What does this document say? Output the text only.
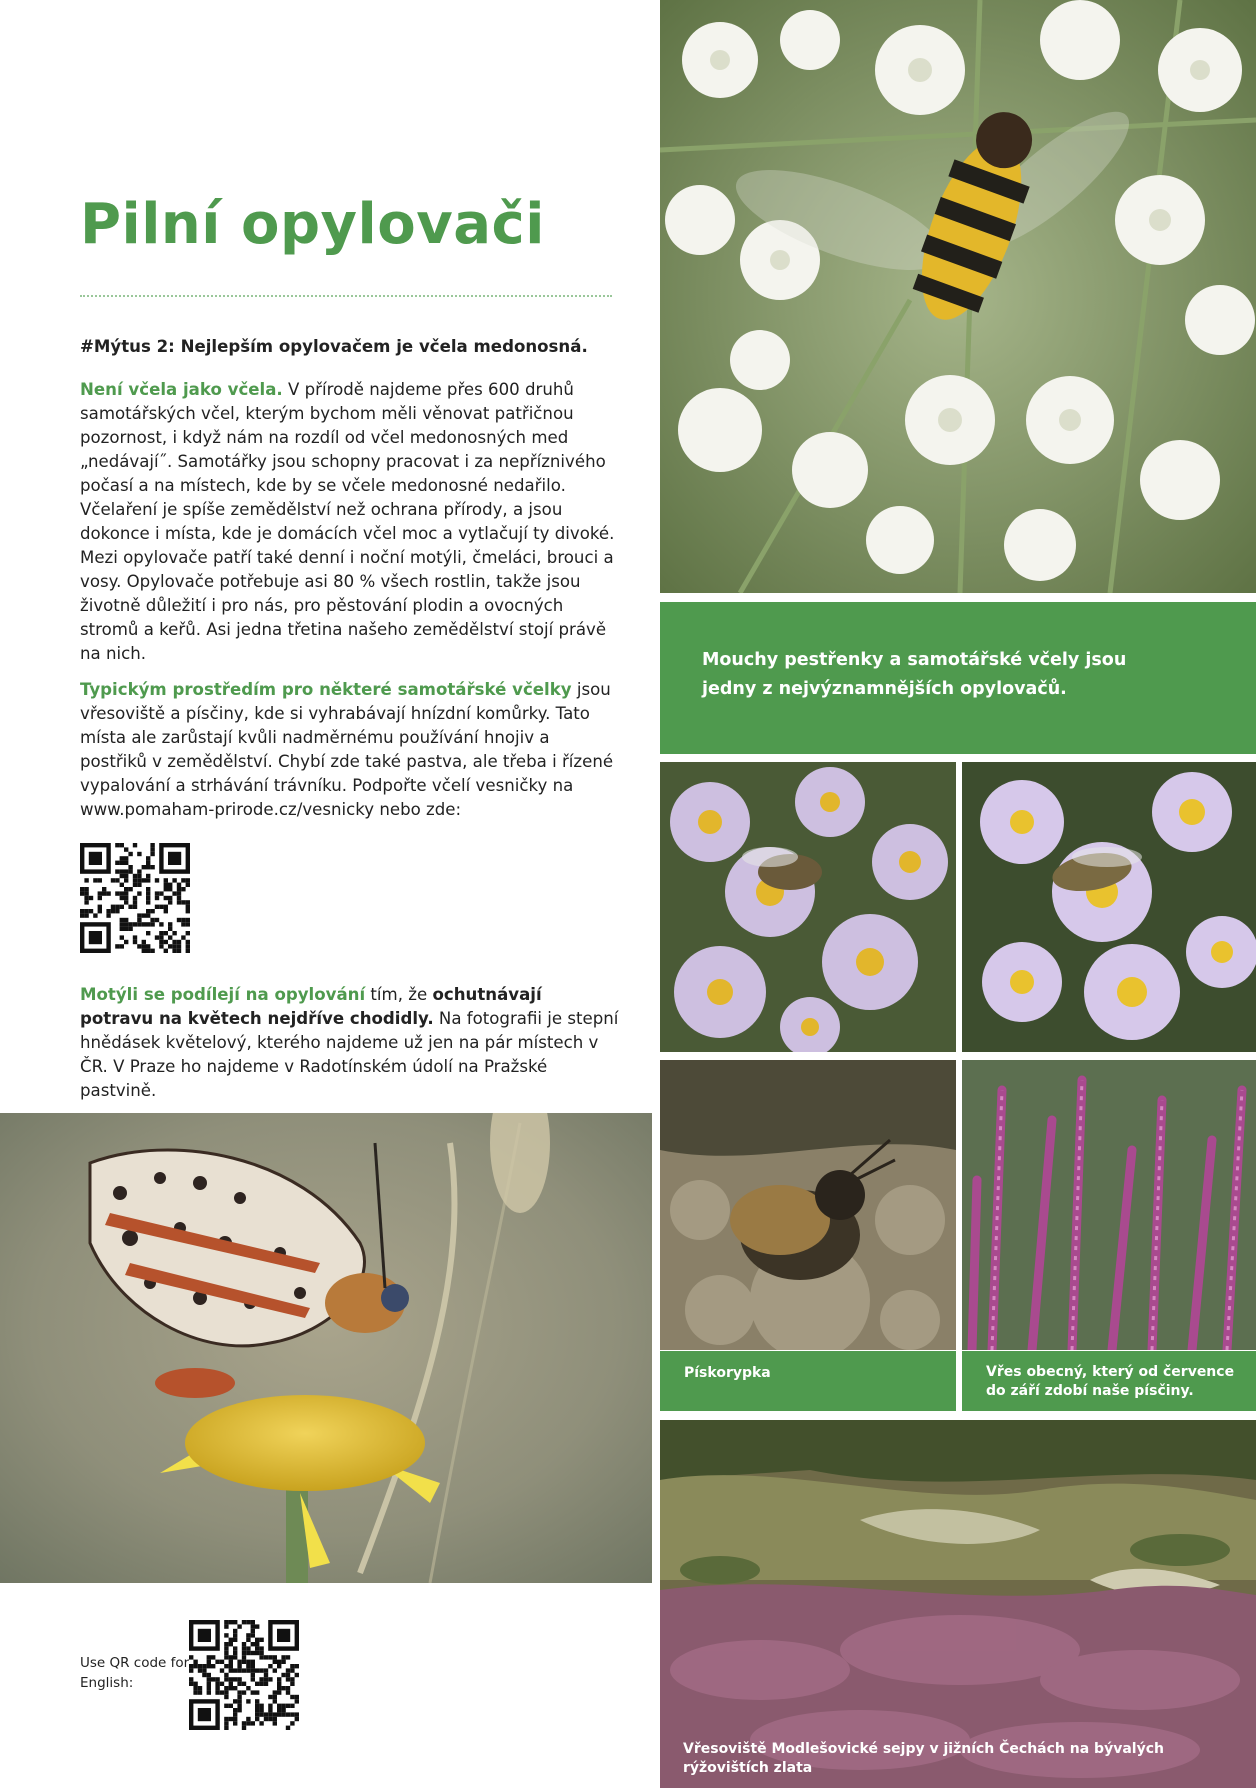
Pilní opylovači

#Mýtus 2: Nejlepším opylovačem je včela medonosná.

Není včela jako včela. V přírodě najdeme přes 600 druhů samotářských včel, kterým bychom měli věnovat patřičnou pozornost, i když nám na rozdíl od včel medonosných med „nedávají˝. Samotářky jsou schopny pracovat i za nepříznivého počasí a na místech, kde by se včele medonosné nedařilo. Včelaření je spíše zemědělství než ochrana přírody, a jsou dokonce i místa, kde je domácích včel moc a vytlačují ty divoké. Mezi opylovače patří také denní i noční motýli, čmeláci, brouci a vosy. Opylovače potřebuje asi 80 % všech rostlin, takže jsou životně důležití i pro nás, pro pěstování plodin a ovocných stromů a keřů. Asi jedna třetina našeho zemědělství stojí právě na nich.

Typickým prostředím pro některé samotářské včelky jsou vřesoviště a písčiny, kde si vyhrabávají hnízdní komůrky. Tato místa ale zarůstají kvůli nadměrnému používání hnojiv a postřiků v zemědělství. Chybí zde také pastva, ale třeba i řízené vypalování a strhávání trávníku. Podpořte včelí vesničky na www.pomaham-prirode.cz/vesnicky nebo zde:

Motýli se podílejí na opylování tím, že ochutnávají potravu na květech nejdříve chodidly. Na fotografii je stepní hnědásek květelový, kterého najdeme už jen na pár místech v ČR. V Praze ho najdeme v Radotínském údolí na Pražské pastvině.

Use QR code for English:
Mouchy pestřenky a samotářské včely jsou jedny z nejvýznamnějších opylovačů.
Pískorypka	Vřes obecný, který od července do září zdobí naše písčiny.
Vřesoviště Modlešovické sejpy v jižních Čechách na bývalých rýžovištích zlata
